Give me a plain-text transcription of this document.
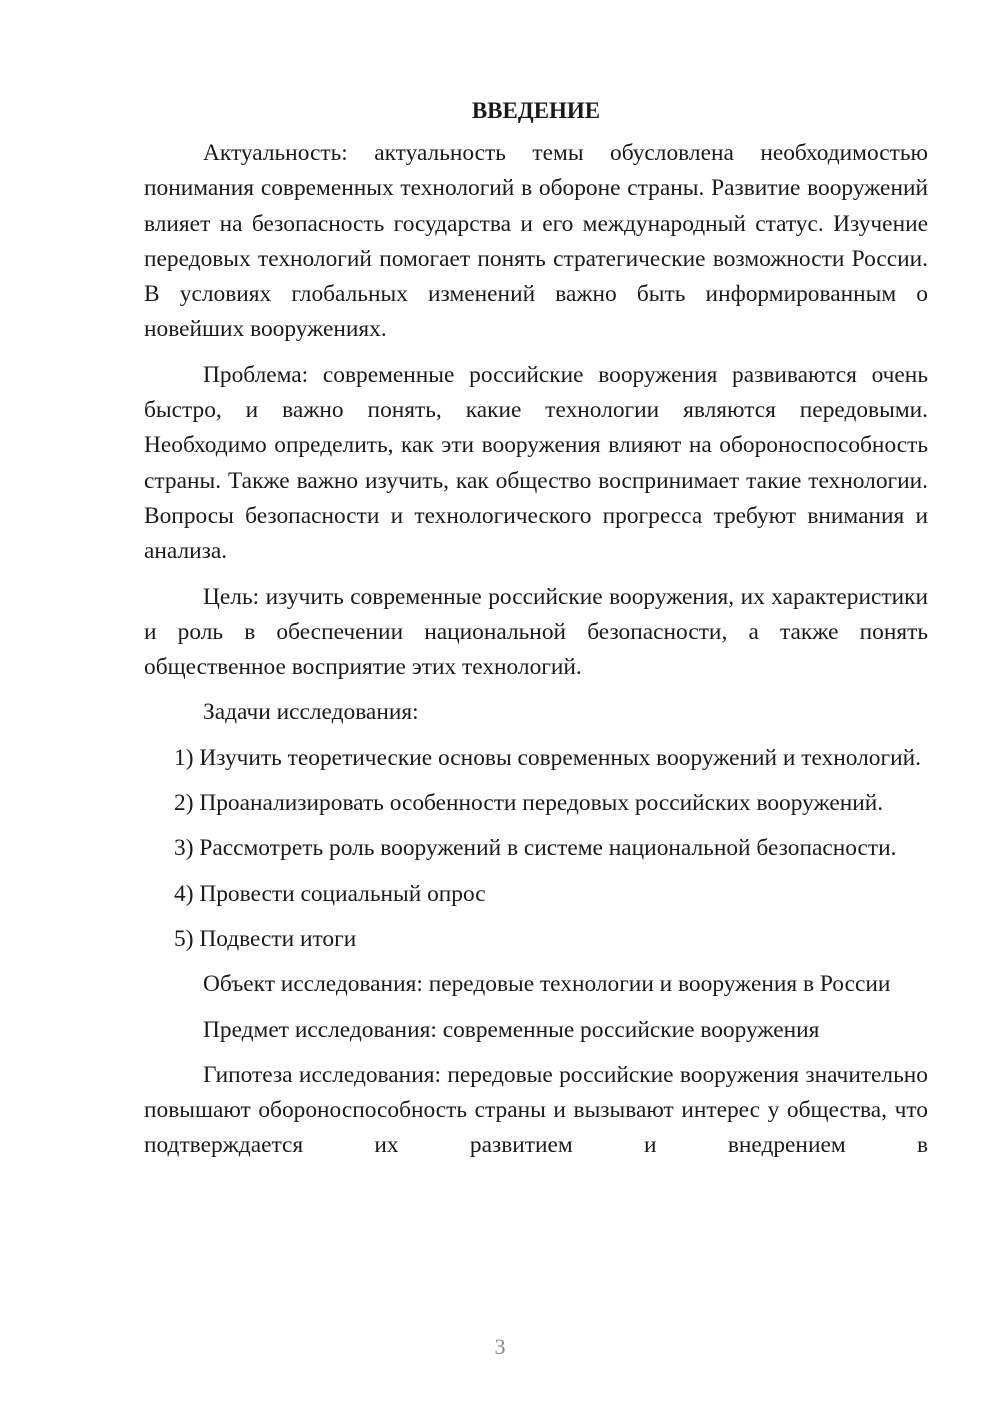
ВВЕДЕНИЕ

Актуальность: актуальность темы обусловлена необходимостью понимания современных технологий в обороне страны. Развитие вооружений влияет на безопасность государства и его международный статус. Изучение передовых технологий помогает понять стратегические возможности России. В условиях глобальных изменений важно быть информированным о новейших вооружениях.

Проблема: современные российские вооружения развиваются очень быстро, и важно понять, какие технологии являются передовыми. Необходимо определить, как эти вооружения влияют на обороноспособность страны. Также важно изучить, как общество воспринимает такие технологии. Вопросы безопасности и технологического прогресса требуют внимания и анализа.

Цель: изучить современные российские вооружения, их характеристики и роль в обеспечении национальной безопасности, а также понять общественное восприятие этих технологий.

Задачи исследования:

1) Изучить теоретические основы современных вооружений и технологий.

2) Проанализировать особенности передовых российских вооружений.

3) Рассмотреть роль вооружений в системе национальной безопасности.

4) Провести социальный опрос

5) Подвести итоги

Объект исследования: передовые технологии и вооружения в России

Предмет исследования: современные российские вооружения

Гипотеза исследования: передовые российские вооружения значительно повышают обороноспособность страны и вызывают интерес у общества, что подтверждается их развитием и внедрением в

3
